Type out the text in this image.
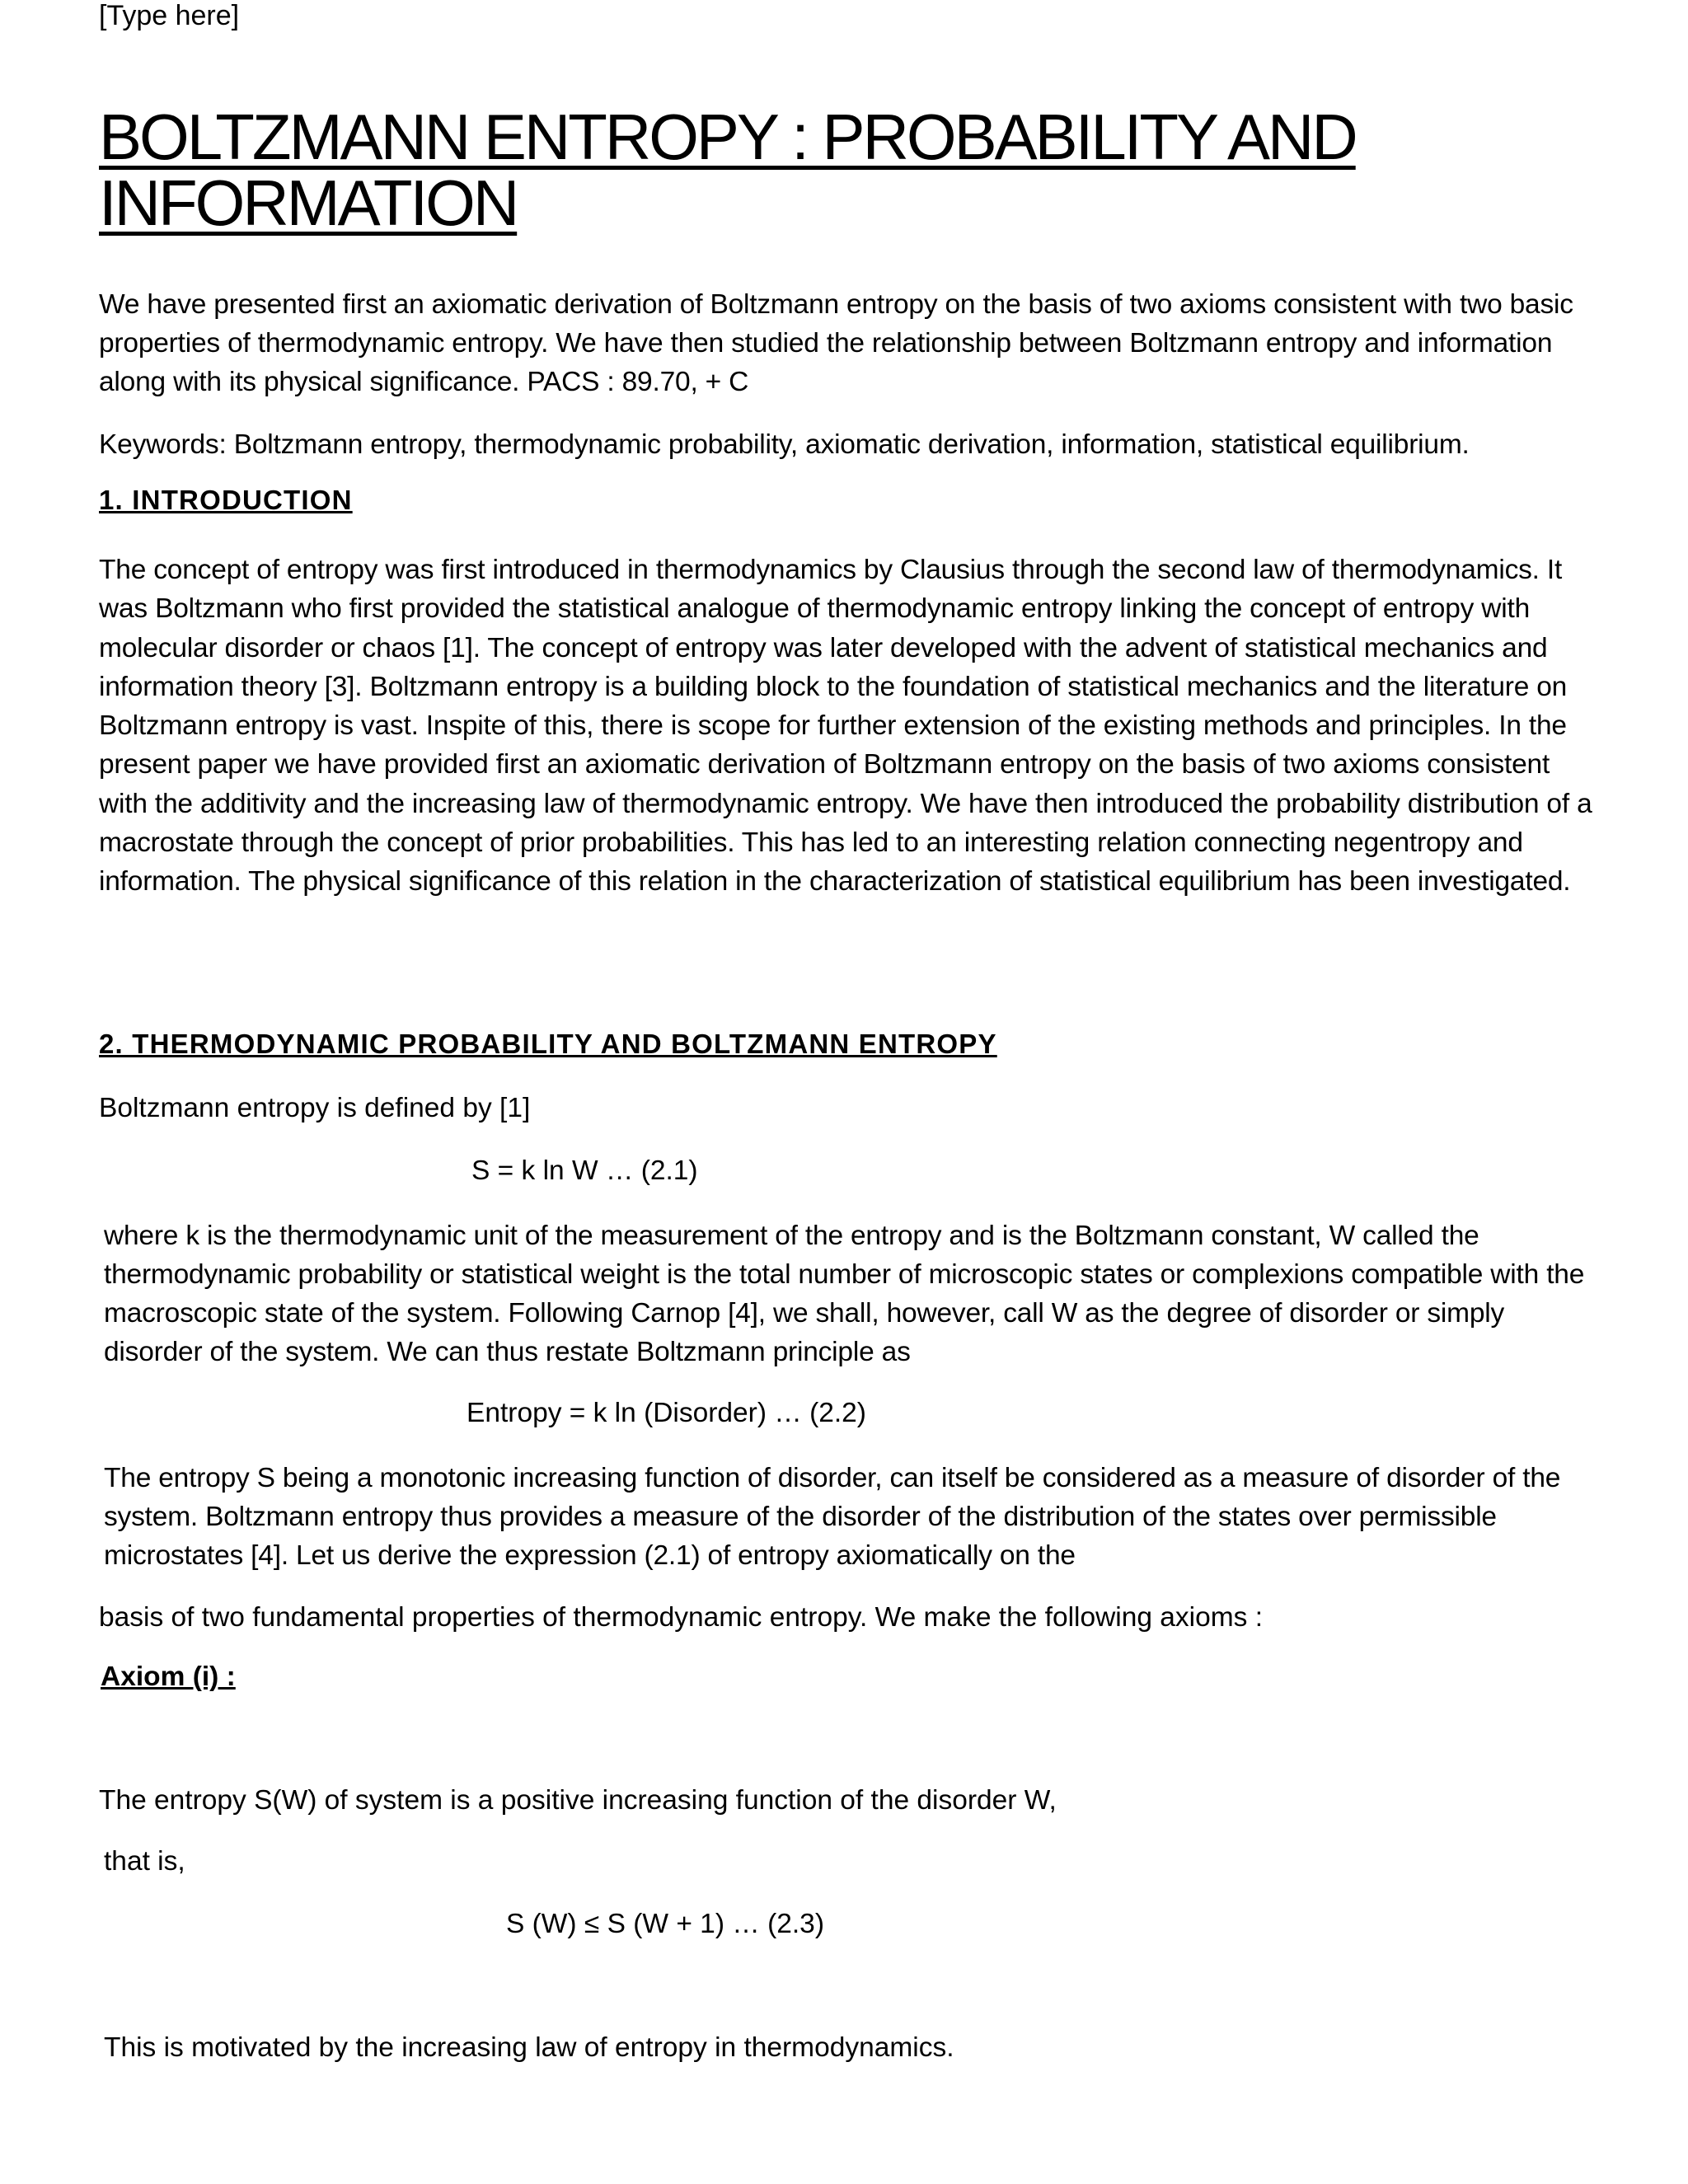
[Type here]
BOLTZMANN ENTROPY : PROBABILITY AND INFORMATION
We have presented first an axiomatic derivation of Boltzmann entropy on the basis of two axioms consistent with two basic properties of thermodynamic entropy. We have then studied the relationship between Boltzmann entropy and information along with its physical significance. PACS : 89.70, + C
Keywords: Boltzmann entropy, thermodynamic probability, axiomatic derivation, information, statistical equilibrium.
1. INTRODUCTION
The concept of entropy was first introduced in thermodynamics by Clausius through the second law of thermodynamics. It was Boltzmann who first provided the statistical analogue of thermodynamic entropy linking the concept of entropy with molecular disorder or chaos [1]. The concept of entropy was later developed with the advent of statistical mechanics and information theory [3]. Boltzmann entropy is a building block to the foundation of statistical mechanics and the literature on Boltzmann entropy is vast. Inspite of this, there is scope for further extension of the existing methods and principles. In the present paper we have provided first an axiomatic derivation of Boltzmann entropy on the basis of two axioms consistent with the additivity and the increasing law of thermodynamic entropy. We have then introduced the probability distribution of a macrostate through the concept of prior probabilities. This has led to an interesting relation connecting negentropy and information. The physical significance of this relation in the characterization of statistical equilibrium has been investigated.
2. THERMODYNAMIC PROBABILITY AND BOLTZMANN ENTROPY
Boltzmann entropy is defined by [1]
S = k ln W … (2.1)
where k is the thermodynamic unit of the measurement of the entropy and is the Boltzmann constant, W called the thermodynamic probability or statistical weight is the total number of microscopic states or complexions compatible with the macroscopic state of the system. Following Carnop [4], we shall, however, call W as the degree of disorder or simply disorder of the system. We can thus restate Boltzmann principle as
Entropy = k ln (Disorder) … (2.2)
The entropy S being a monotonic increasing function of disorder, can itself be considered as a measure of disorder of the system. Boltzmann entropy thus provides a measure of the disorder of the distribution of the states over permissible microstates [4]. Let us derive the expression (2.1) of entropy axiomatically on the
basis of two fundamental properties of thermodynamic entropy. We make the following axioms :
Axiom (i) :
The entropy S(W) of system is a positive increasing function of the disorder W,
that is,
S (W) ≤ S (W + 1) … (2.3)
This is motivated by the increasing law of entropy in thermodynamics.
